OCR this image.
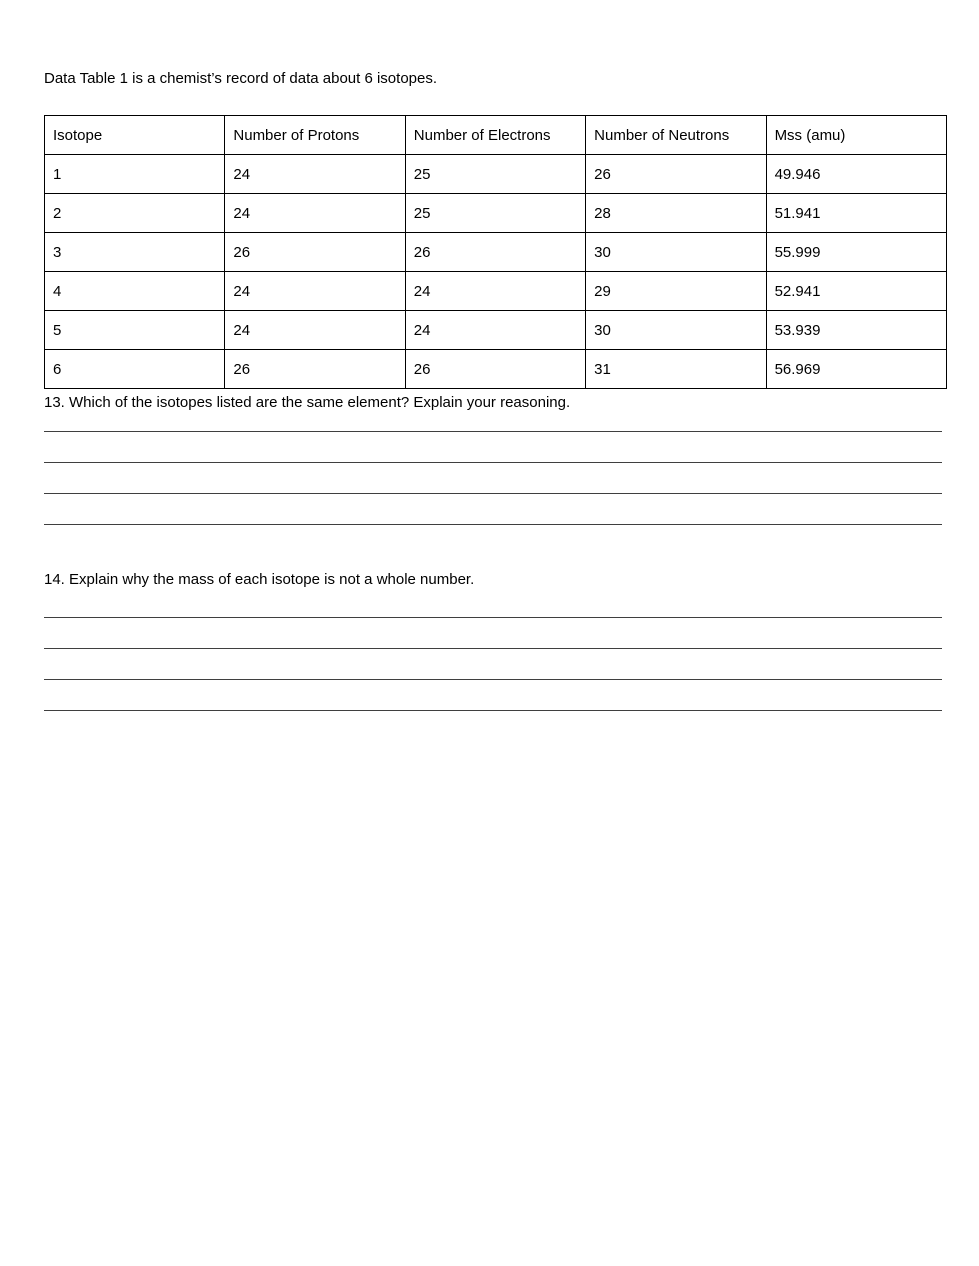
Data Table 1 is a chemist’s record of data about 6 isotopes.

Isotope	Number of Protons	Number of Electrons	Number of Neutrons	Mss (amu)
1	24	25	26	49.946
2	24	25	28	51.941
3	26	26	30	55.999
4	24	24	29	52.941
5	24	24	30	53.939
6	26	26	31	56.969

13. Which of the isotopes listed are the same element? Explain your reasoning.

14. Explain why the mass of each isotope is not a whole number.
